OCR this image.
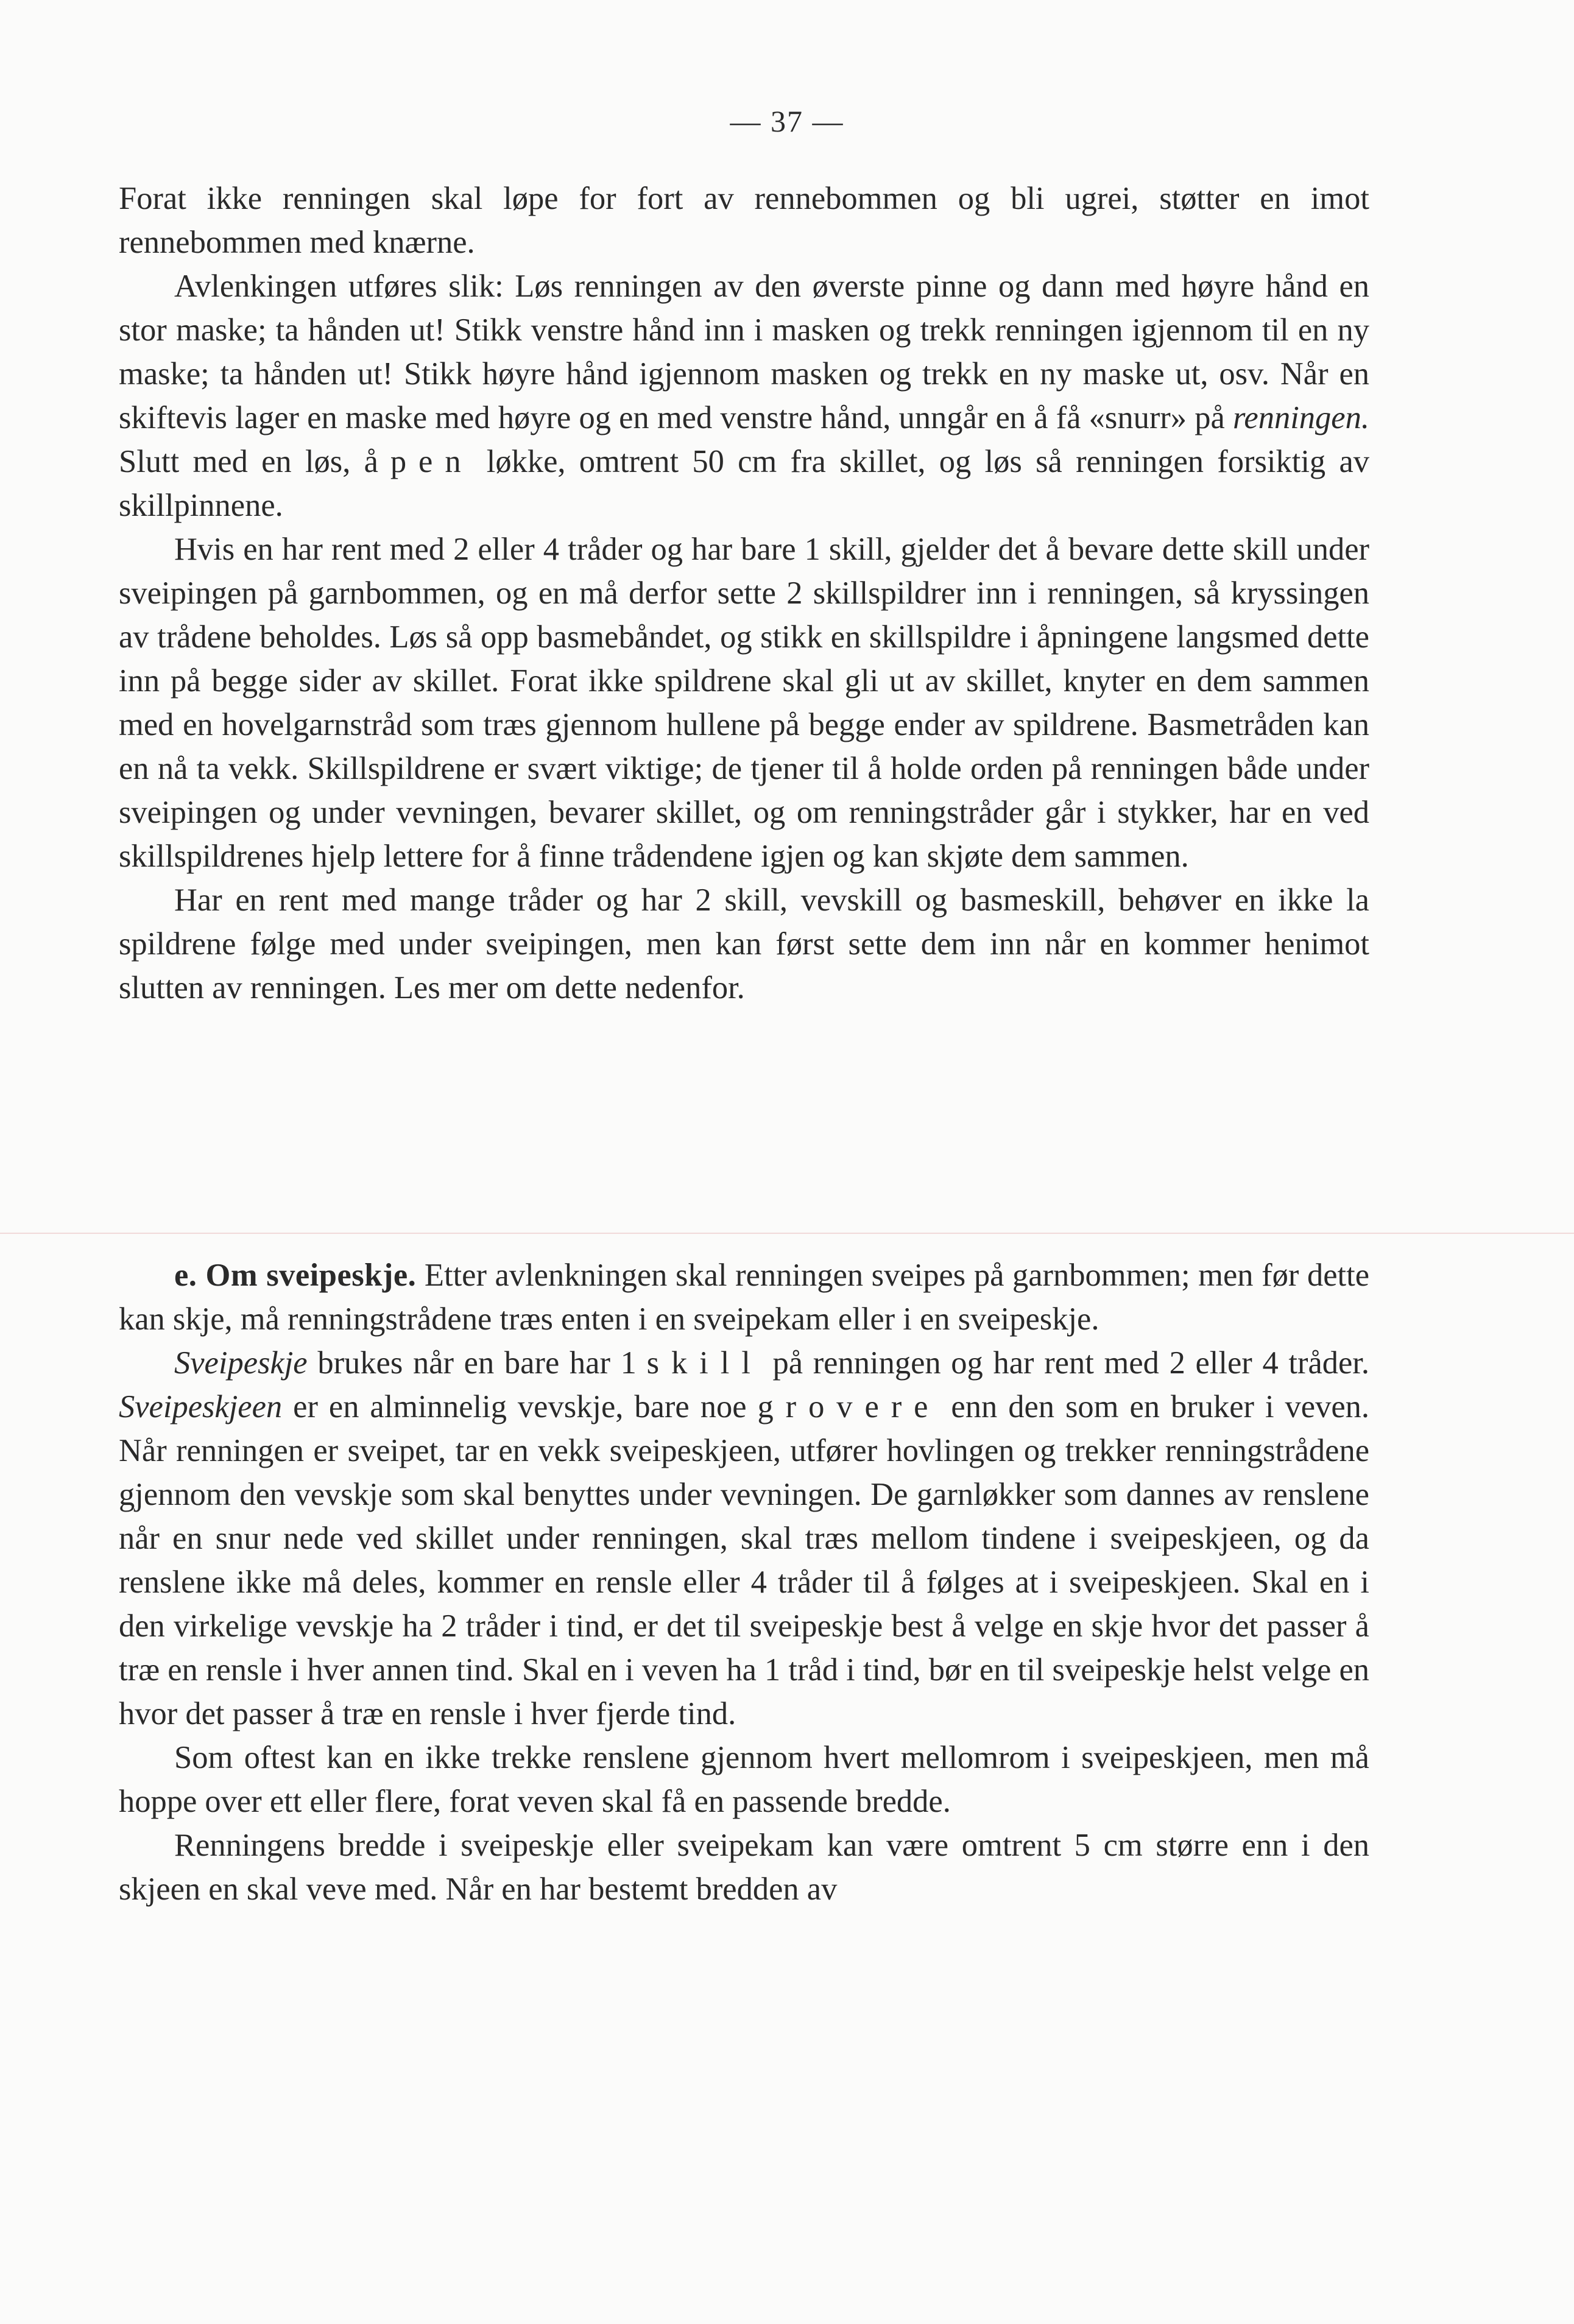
— 37 —

Forat ikke renningen skal løpe for fort av rennebommen og bli ugrei, støtter en imot rennebommen med knærne.

Avlenkingen utføres slik: Løs renningen av den øverste pinne og dann med høyre hånd en stor maske; ta hånden ut! Stikk venstre hånd inn i masken og trekk renningen igjennom til en ny maske; ta hånden ut! Stikk høyre hånd igjennom masken og trekk en ny maske ut, osv. Når en skiftevis lager en maske med høyre og en med venstre hånd, unngår en å få «snurr» på renningen. Slutt med en løs, åpen løkke, omtrent 50 cm fra skillet, og løs så renningen forsiktig av skillpinnene.

Hvis en har rent med 2 eller 4 tråder og har bare 1 skill, gjelder det å bevare dette skill under sveipingen på garnbommen, og en må derfor sette 2 skillspildrer inn i renningen, så kryssingen av trådene beholdes. Løs så opp basmebåndet, og stikk en skillspildre i åpningene langsmed dette inn på begge sider av skillet. Forat ikke spildrene skal gli ut av skillet, knyter en dem sammen med en hovelgarnstråd som træs gjennom hullene på begge ender av spildrene. Basmetråden kan en nå ta vekk. Skillspildrene er svært viktige; de tjener til å holde orden på renningen både under sveipingen og under vevningen, bevarer skillet, og om renningstråder går i stykker, har en ved skillspildrenes hjelp lettere for å finne trådendene igjen og kan skjøte dem sammen.

Har en rent med mange tråder og har 2 skill, vevskill og basmeskill, behøver en ikke la spildrene følge med under sveipingen, men kan først sette dem inn når en kommer henimot slutten av renningen. Les mer om dette nedenfor.

e. Om sveipeskje. Etter avlenkningen skal renningen sveipes på garnbommen; men før dette kan skje, må renningstrådene træs enten i en sveipekam eller i en sveipeskje.

Sveipeskje brukes når en bare har 1 skill på renningen og har rent med 2 eller 4 tråder. Sveipeskjeen er en alminnelig vevskje, bare noe grovere enn den som en bruker i veven. Når renningen er sveipet, tar en vekk sveipeskjeen, utfører hovlingen og trekker renningstrådene gjennom den vevskje som skal benyttes under vevningen. De garnløkker som dannes av renslene når en snur nede ved skillet under renningen, skal træs mellom tindene i sveipeskjeen, og da renslene ikke må deles, kommer en rensle eller 4 tråder til å følges at i sveipeskjeen. Skal en i den virkelige vevskje ha 2 tråder i tind, er det til sveipeskje best å velge en skje hvor det passer å træ en rensle i hver annen tind. Skal en i veven ha 1 tråd i tind, bør en til sveipeskje helst velge en hvor det passer å træ en rensle i hver fjerde tind.

Som oftest kan en ikke trekke renslene gjennom hvert mellomrom i sveipeskjeen, men må hoppe over ett eller flere, forat veven skal få en passende bredde.

Renningens bredde i sveipeskje eller sveipekam kan være omtrent 5 cm større enn i den skjeen en skal veve med. Når en har bestemt bredden av
